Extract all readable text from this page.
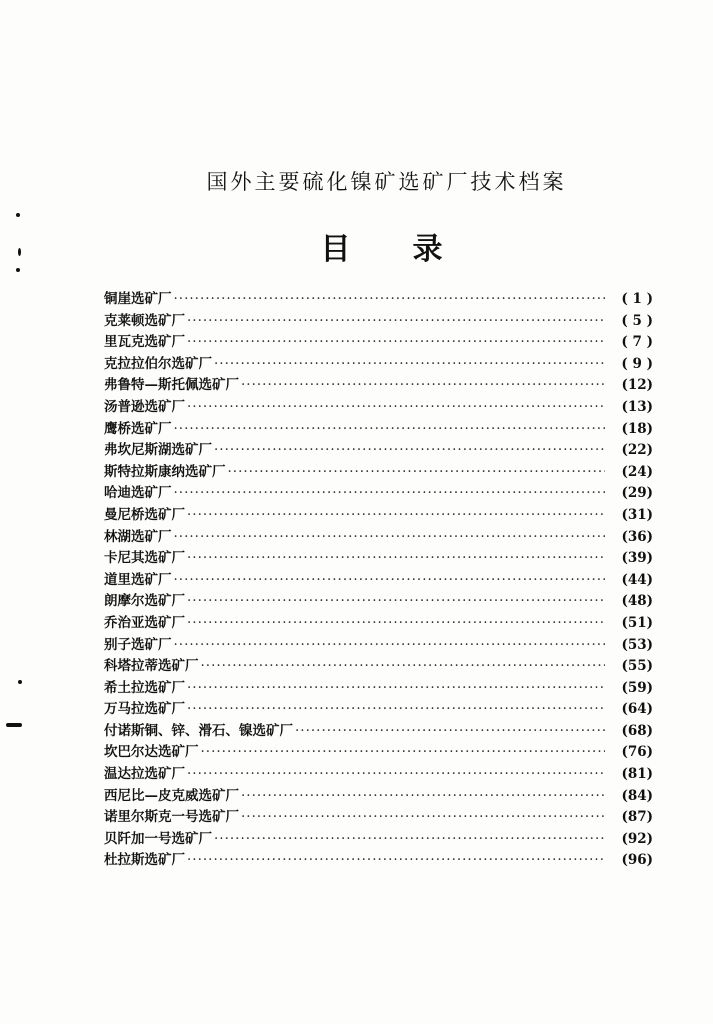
国外主要硫化镍矿选矿厂技术档案
目 录
铜崖选矿厂 ·····	( 1 )
克莱顿选矿厂 ·····	( 5 )
里瓦克选矿厂 ·····	( 7 )
克拉拉伯尔选矿厂 ·····	( 9 )
弗鲁特—斯托佩选矿厂 ·····	(12)
汤普逊选矿厂 ·····	(13)
鹰桥选矿厂 ·····	(18)
弗坎尼斯湖选矿厂 ·····	(22)
斯特拉斯康纳选矿厂 ·····	(24)
哈迪选矿厂 ·····	(29)
曼尼桥选矿厂 ·····	(31)
林湖选矿厂 ·····	(36)
卡尼其选矿厂 ·····	(39)
道里选矿厂 ·····	(44)
朗摩尔选矿厂 ·····	(48)
乔治亚选矿厂 ·····	(51)
别子选矿厂 ·····	(53)
科塔拉蒂选矿厂 ·····	(55)
希土拉选矿厂 ·····	(59)
万马拉选矿厂 ·····	(64)
付诺斯铜、锌、滑石、镍选矿厂 ·····	(68)
坎巴尔达选矿厂 ·····	(76)
温达拉选矿厂 ·····	(81)
西尼比—皮克威选矿厂 ·····	(84)
诺里尔斯克一号选矿厂 ·····	(87)
贝阡加一号选矿厂 ·····	(92)
杜拉斯选矿厂 ·····	(96)
